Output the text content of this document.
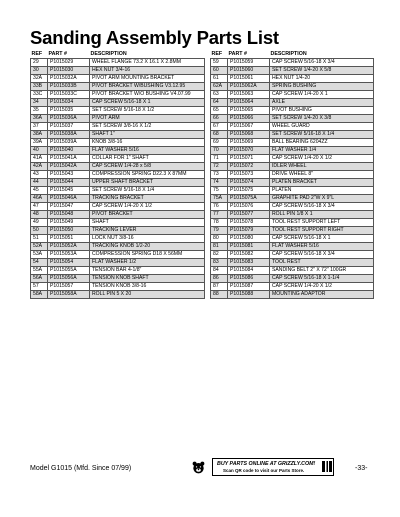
Sanding Assembly Parts List
REF	PART #	DESCRIPTION
29	P1015029	WHEEL FLANGE 73.2 X 16.1 X 2.8MM
30	P1015030	HEX NUT 3/4-16
32A	P1015032A	PIVOT ARM MOUNTING BRACKET
33B	P1015033B	PIVOT BRACKET W/BUSHING V3.12.95
33C	P1015033C	PIVOT BRACKET W/O BUSHING V4.07.99
34	P1015034	CAP SCREW 5/16-18 X 1
35	P1015035	SET SCREW 5/16-18 X 1/2
36A	P1015036A	PIVOT ARM
37	P1015037	SET SCREW 3/8-16 X 1/2
38A	P1015038A	SHAFT 1"
39A	P1015039A	KNOB 3/8-16
40	P1015040	FLAT WASHER 5/16
41A	P1015041A	COLLAR FOR 1" SHAFT
42A	P1015042A	CAP SCREW 1/4-28 x 5/8
43	P1015043	COMPRESSION SPRING D22.3 X 87MM
44	P1015044	UPPER SHAFT BRACKET
45	P1015045	SET SCREW 5/16-18 X 1/4
46A	P1015046A	TRACKING BRACKET
47	P1015047	CAP SCREW 1/4-20 X 1/2
48	P1015048	PIVOT BRACKET
49	P1015049	SHAFT
50	P1015050	TRACKING LEVER
51	P1015051	LOCK NUT 3/8-16
52A	P1015052A	TRACKING KNOB 1/2-20
53A	P1015053A	COMPRESSION SPRING D18 X 56MM
54	P1015054	FLAT WASHER 1/2
55A	P1015055A	TENSION BAR 4-1/8"
56A	P1015056A	TENSION KNOB SHAFT
57	P1015057	TENSION KNOB 3/8-16
58A	P1015058A	ROLL PIN 5 X 20
REF	PART #	DESCRIPTION
59	P1015059	CAP SCREW 5/16-18 X 3/4
60	P1015060	SET SCREW 1/4-20 X 5/8
61	P1015061	HEX NUT 1/4-20
62A	P1015062A	SPRING BUSHING
63	P1015063	CAP SCREW 1/4-20 X 1
64	P1015064	AXLE
65	P1015065	PIVOT BUSHING
66	P1015066	SET SCREW 1/4-20 X 3/8
67	P1015067	WHEEL GUARD
68	P1015068	SET SCREW 5/16-18 X 1/4
69	P1015069	BALL BEARING 6204ZZ
70	P1015070	FLAT WASHER 1/4
71	P1015071	CAP SCREW 1/4-20 X 1/2
72	P1015072	IDLER WHEEL
73	P1015073	DRIVE WHEEL 8"
74	P1015074	PLATEN BRACKET
75	P1015075	PLATEN
75A	P1015075A	GRAPHITE PAD 2"W X 9"L
76	P1015076	CAP SCREW 5/16-18 X 3/4
77	P1015077	ROLL PIN 1/8 X 1
78	P1015078	TOOL REST SUPPORT LEFT
79	P1015079	TOOL REST SUPPORT RIGHT
80	P1015080	CAP SCREW 5/16-18 X 1
81	P1015081	FLAT WASHER 5/16
82	P1015082	CAP SCREW 5/16-18 X 3/4
83	P1015083	TOOL REST
84	P1015084	SANDING BELT 2" X 72" 100GR
86	P1015086	CAP SCREW 5/16-18 X 1-1/4
87	P1015087	CAP SCREW 1/4-20 X 1/2
88	P1015088	MOUNTING ADAPTOR
Model G1015 (Mfd. Since 07/99)
BUY PARTS ONLINE AT GRIZZLY.COM!
Scan QR code to visit our Parts Store.	-33-
